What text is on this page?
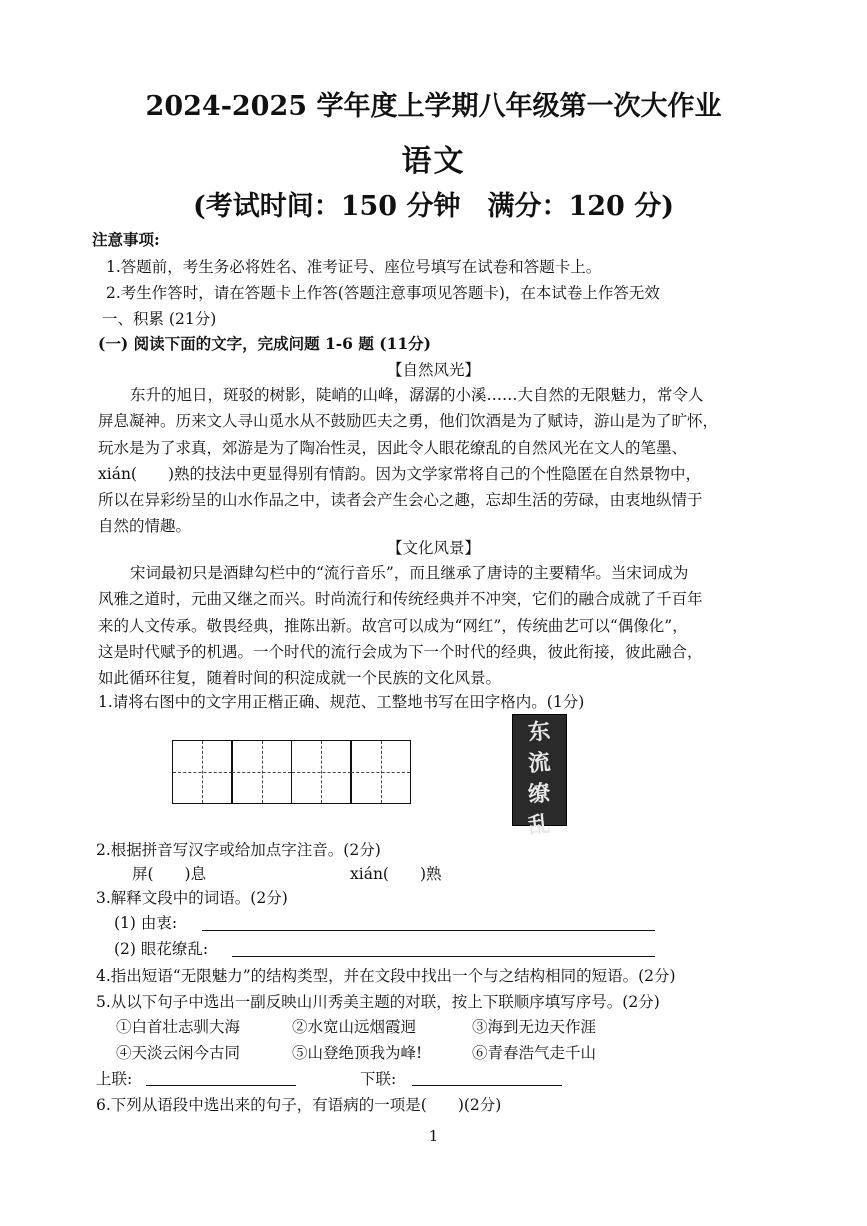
2024-2025 学年度上学期八年级第一次大作业
语文
(考试时间：150 分钟　满分：120 分)
注意事项:
1.答题前，考生务必将姓名、准考证号、座位号填写在试卷和答题卡上。
2.考生作答时，请在答题卡上作答(答题注意事项见答题卡)，在本试卷上作答无效
一、积累 (21分)
(一) 阅读下面的文字，完成问题 1-6 题 (11分)
【自然风光】
东升的旭日，斑驳的树影，陡峭的山峰，潺潺的小溪……大自然的无限魅力，常令人
屏息凝神。历来文人寻山觅水从不鼓励匹夫之勇，他们饮酒是为了赋诗，游山是为了旷怀，
玩水是为了求真，郊游是为了陶冶性灵，因此令人眼花缭乱的自然风光在文人的笔墨、
xián(　　)熟的技法中更显得别有情韵。因为文学家常将自己的个性隐匿在自然景物中，
所以在异彩纷呈的山水作品之中，读者会产生会心之趣，忘却生活的劳碌，由衷地纵情于
自然的情趣。
【文化风景】
宋词最初只是酒肆勾栏中的“流行音乐”，而且继承了唐诗的主要精华。当宋词成为
风雅之道时，元曲又继之而兴。时尚流行和传统经典并不冲突，它们的融合成就了千百年
来的人文传承。敬畏经典，推陈出新。故宫可以成为“网红”，传统曲艺可以“偶像化”，
这是时代赋予的机遇。一个时代的流行会成为下一个时代的经典，彼此衔接，彼此融合，
如此循环往复，随着时间的积淀成就一个民族的文化风景。
1.请将右图中的文字用正楷正确、规范、工整地书写在田字格内。(1分)
东
流
缭
乱
2.根据拼音写汉字或给加点字注音。(2分)
屏(　　)息	xián(　　)熟
3.解释文段中的词语。(2分)
(1) 由衷:
(2) 眼花缭乱:
4.指出短语“无限魅力”的结构类型，并在文段中找出一个与之结构相同的短语。(2分)
5.从以下句子中选出一副反映山川秀美主题的对联，按上下联顺序填写序号。(2分)
①白首壮志驯大海	②水宽山远烟霞迥	③海到无边天作涯
④天淡云闲今古同	⑤山登绝顶我为峰!	⑥青春浩气走千山
上联:	下联:
6.下列从语段中选出来的句子，有语病的一项是(　　)(2分)
1
